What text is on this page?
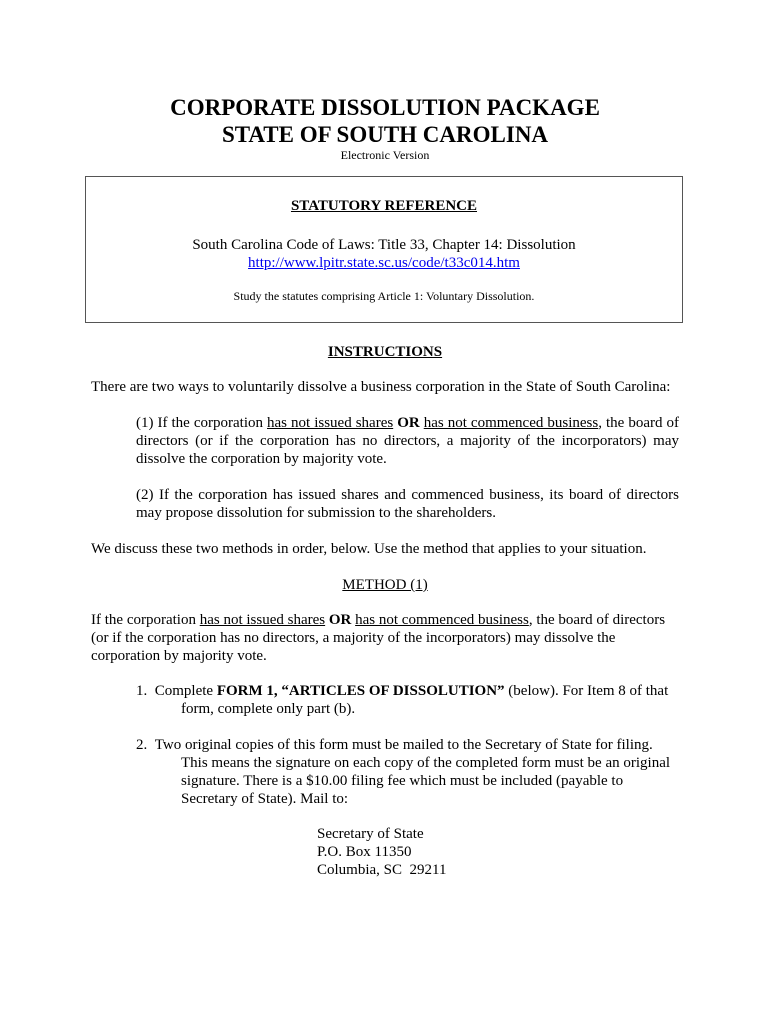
CORPORATE DISSOLUTION PACKAGE
STATE OF SOUTH CAROLINA
Electronic Version
STATUTORY REFERENCE
South Carolina Code of Laws: Title 33, Chapter 14: Dissolution
http://www.lpitr.state.sc.us/code/t33c014.htm
Study the statutes comprising Article 1: Voluntary Dissolution.
INSTRUCTIONS
There are two ways to voluntarily dissolve a business corporation in the State of South Carolina:
(1) If the corporation has not issued shares OR has not commenced business, the board of
directors (or if the corporation has no directors, a majority of the incorporators) may
dissolve the corporation by majority vote.
(2) If the corporation has issued shares and commenced business, its board of directors
may propose dissolution for submission to the shareholders.
We discuss these two methods in order, below. Use the method that applies to your situation.
METHOD (1)
If the corporation has not issued shares OR has not commenced business, the board of directors
(or if the corporation has no directors, a majority of the incorporators) may dissolve the
corporation by majority vote.
1. Complete FORM 1, “ARTICLES OF DISSOLUTION” (below). For Item 8 of that
form, complete only part (b).
2. Two original copies of this form must be mailed to the Secretary of State for filing.
This means the signature on each copy of the completed form must be an original
signature. There is a $10.00 filing fee which must be included (payable to
Secretary of State). Mail to:
Secretary of State
P.O. Box 11350
Columbia, SC  29211
